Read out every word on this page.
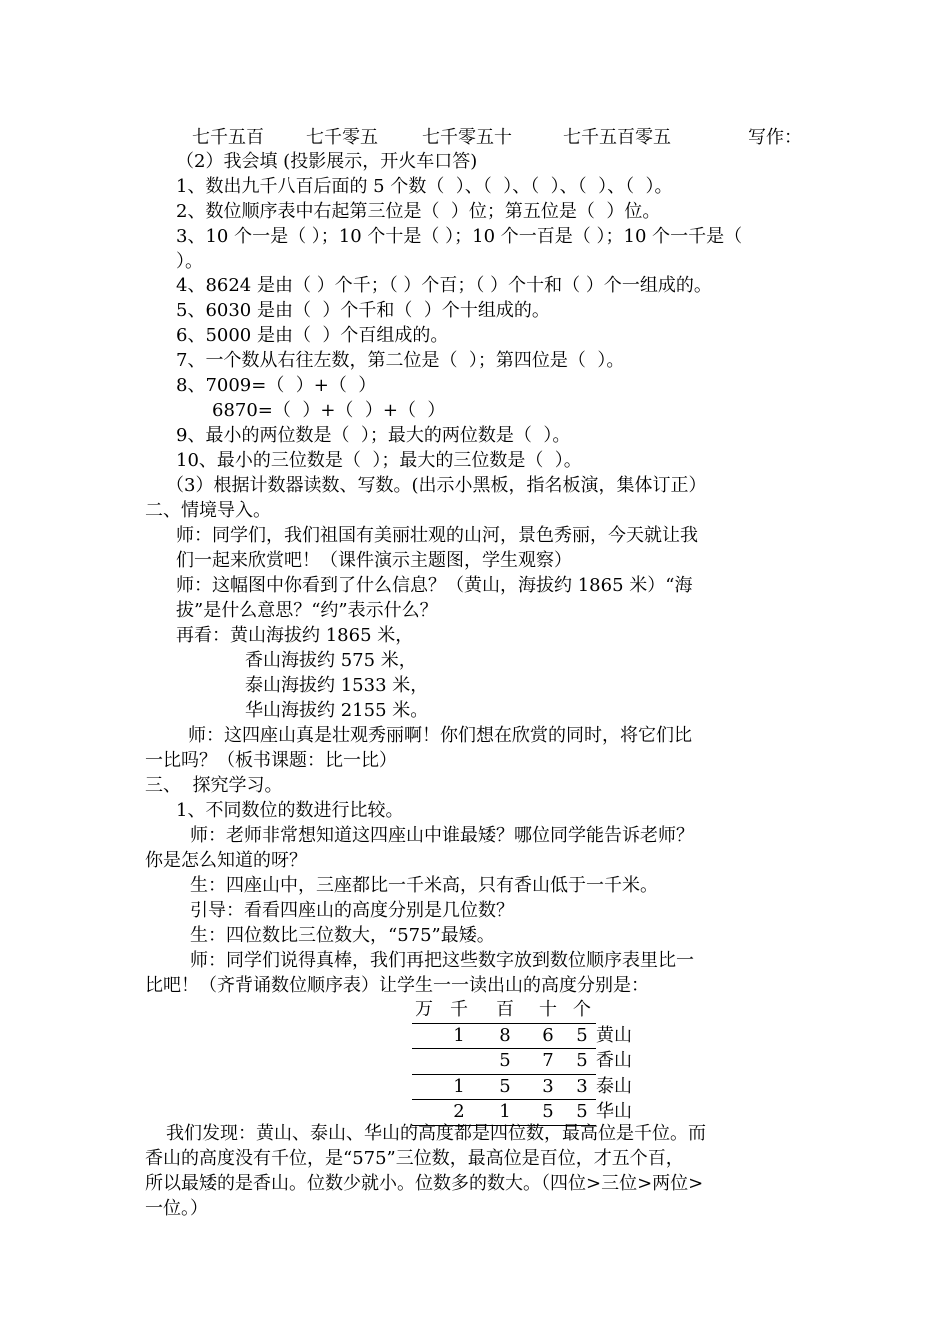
七千五百 七千零五 七千零五十	七千五百零五	写作：
（2）我会填 (投影展示，开火车口答)
1、数出九千八百后面的 5 个数（  ）、（  ）、（  ）、（  ）、（  ）。
2、数位顺序表中右起第三位是（  ）位；第五位是（  ）位。
3、10 个一是（ ）；10 个十是（ ）；10 个一百是（ ）；10 个一千是（
）。
4、8624 是由（ ）个千；（ ）个百；（ ）个十和（ ）个一组成的。
5、6030 是由（  ）个千和（  ）个十组成的。
6、5000 是由（  ）个百组成的。
7、一个数从右往左数，第二位是（  ）；第四位是（  ）。
8、7009=（  ）+（  ）
6870=（  ）+（  ）+（  ）
9、最小的两位数是（  ）；最大的两位数是（  ）。
10、最小的三位数是（  ）；最大的三位数是（  ）。
（3）根据计数器读数、写数。(出示小黑板，指名板演，集体订正）
二、情境导入。
师：同学们，我们祖国有美丽壮观的山河，景色秀丽，今天就让我
们一起来欣赏吧！（课件演示主题图，学生观察）
师：这幅图中你看到了什么信息？（黄山，海拔约 1865 米）“海
拔”是什么意思？“约”表示什么？
再看：黄山海拔约 1865 米，
香山海拔约 575 米，
泰山海拔约 1533 米，
华山海拔约 2155 米。
师：这四座山真是壮观秀丽啊！你们想在欣赏的同时，将它们比
一比吗？（板书课题：比一比）
三、  探究学习。
1、不同数位的数进行比较。
师：老师非常想知道这四座山中谁最矮？哪位同学能告诉老师？
你是怎么知道的呀？
生：四座山中，三座都比一千米高，只有香山低于一千米。
引导：看看四座山的高度分别是几位数？
生：四位数比三位数大，“575”最矮。
师：同学们说得真棒，我们再把这些数字放到数位顺序表里比一
比吧！（齐背诵数位顺序表）让学生一一读出山的高度分别是：
万	千	百	十	个	
	1	8	6	5	黄山
		5	7	5	香山
	1	5	3	3	泰山
	2	1	5	5	华山
我们发现：黄山、泰山、华山的高度都是四位数，最高位是千位。而
香山的高度没有千位，是“575”三位数，最高位是百位，才五个百，
所以最矮的是香山。位数少就小。位数多的数大。（四位>三位>两位>
一位。）
